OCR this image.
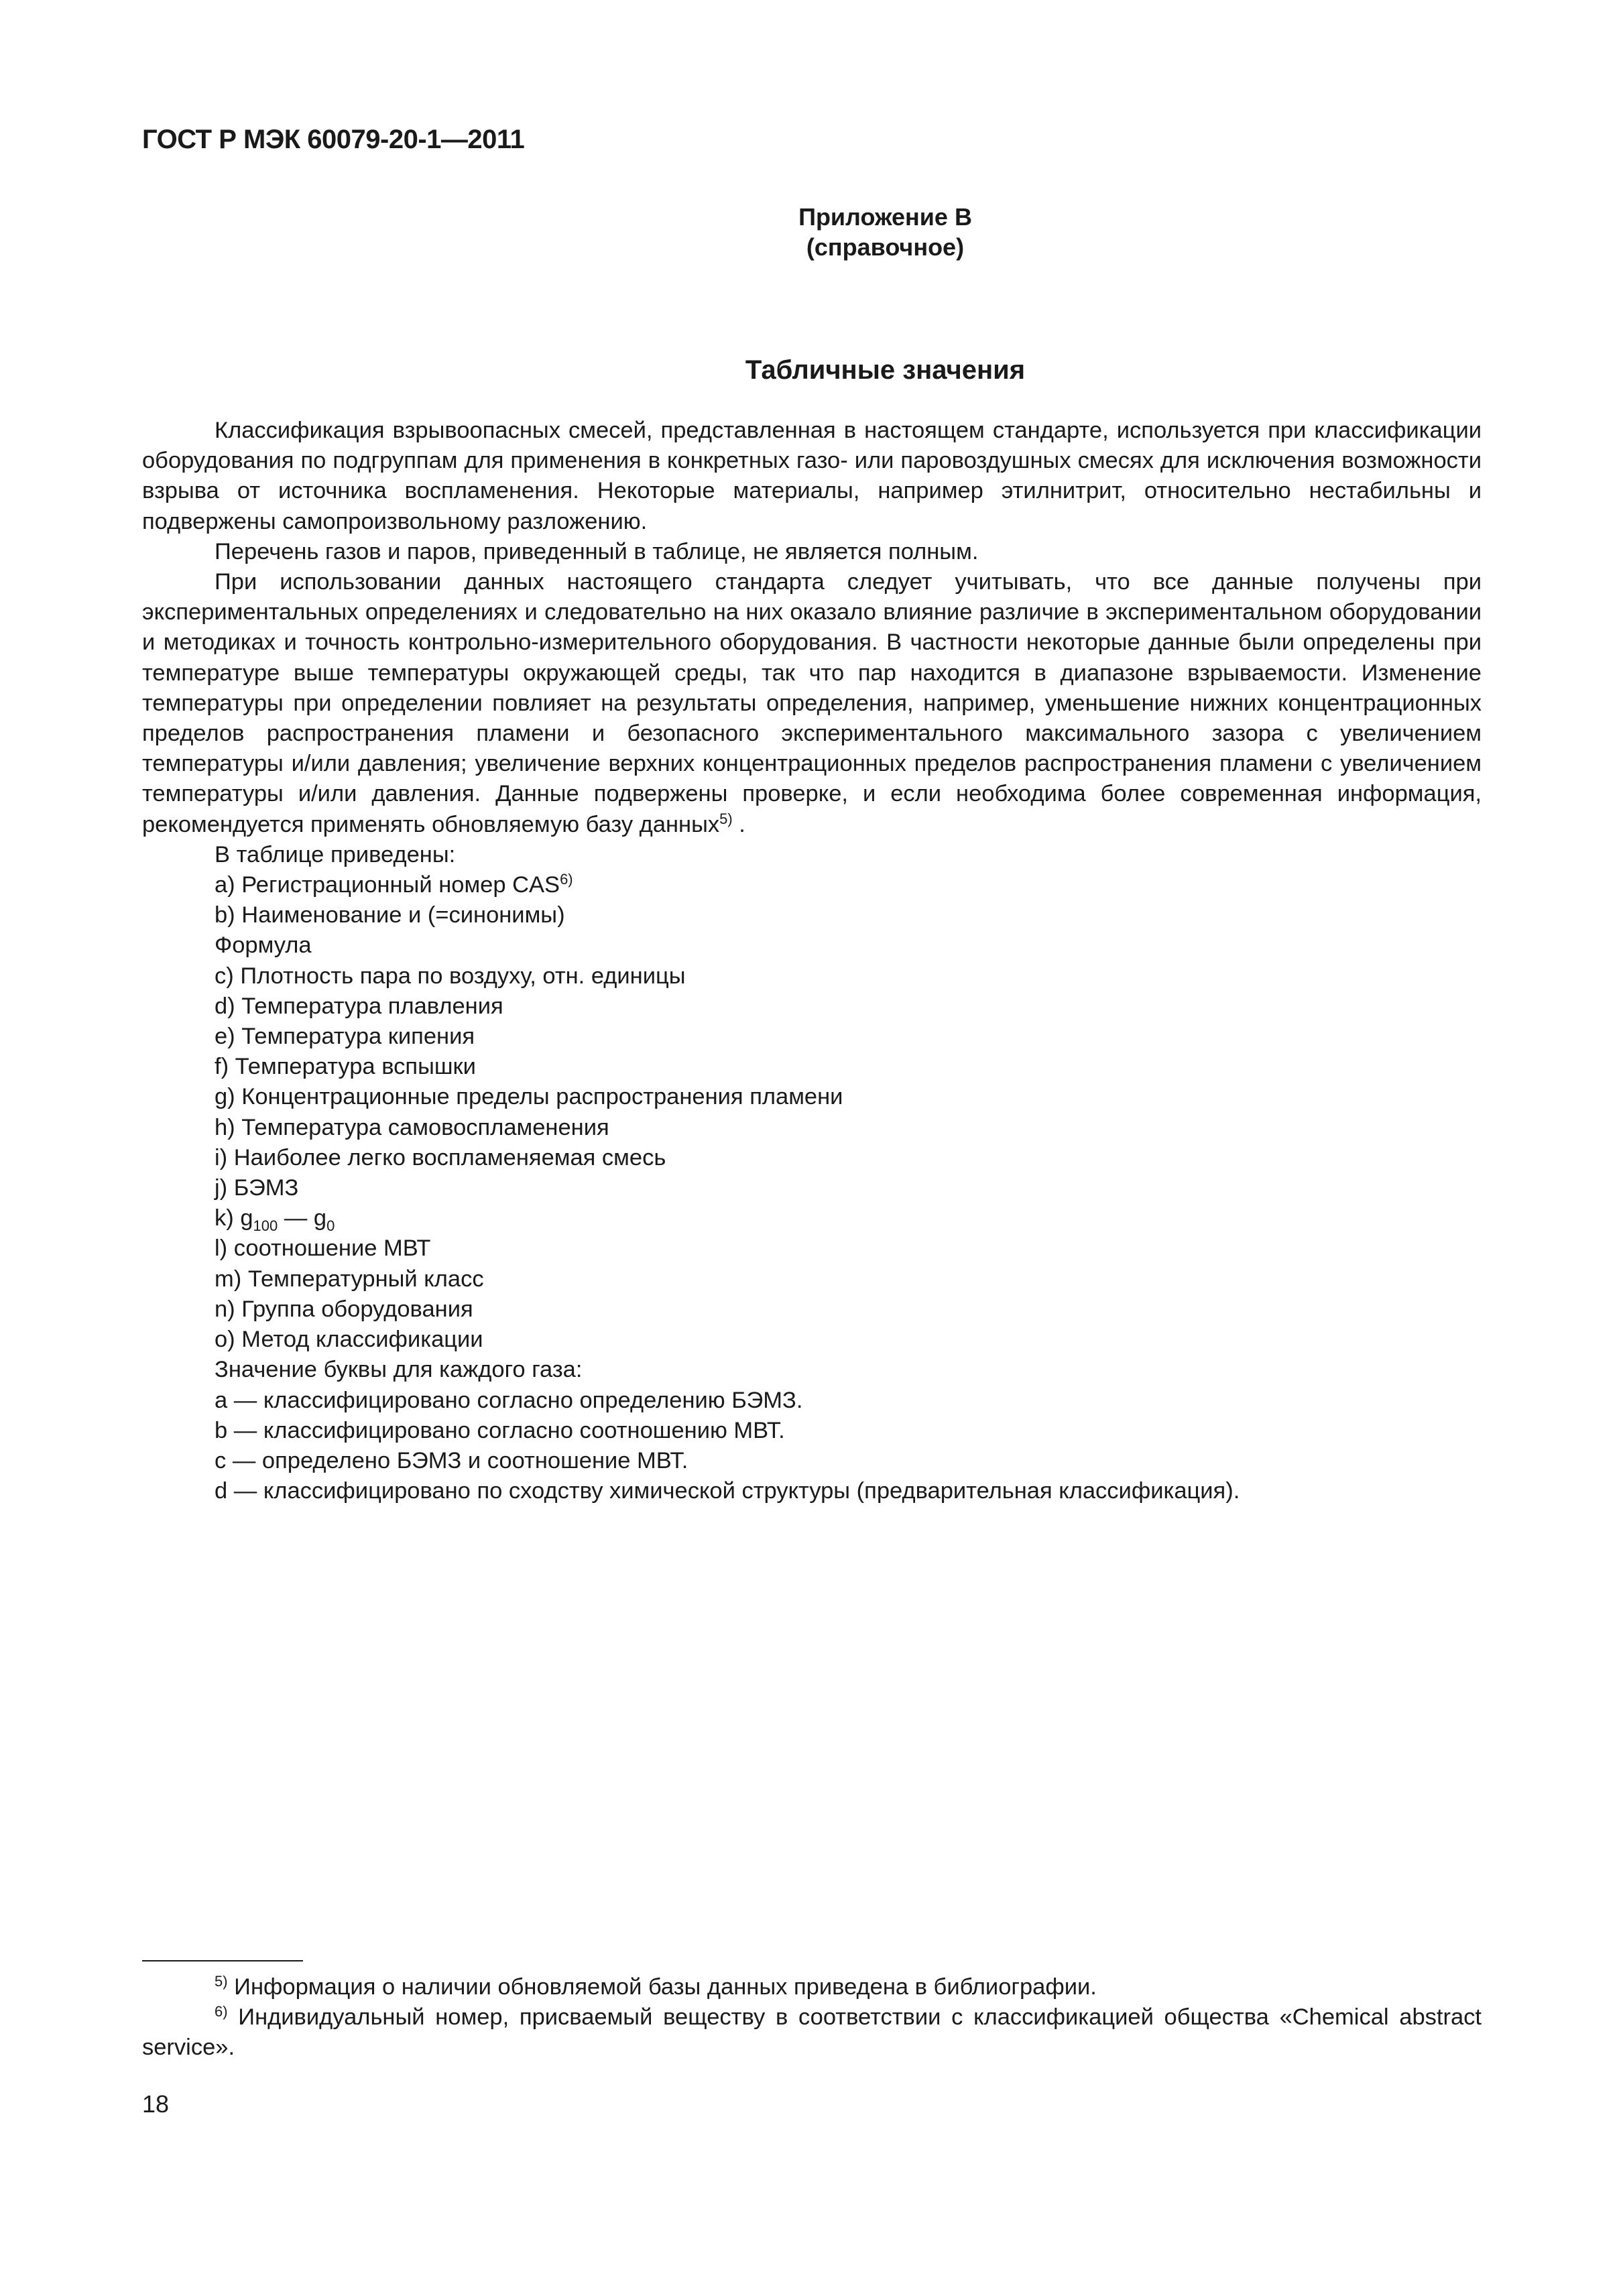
ГОСТ Р МЭК 60079-20-1—2011
Приложение В
(справочное)
Табличные значения

Классификация взрывоопасных смесей, представленная в настоящем стандарте, используется при классификации оборудования по подгруппам для применения в конкретных газо- или паровоздушных смесях для исключения возможности взрыва от источника воспламенения. Некоторые материалы, например этилнитрит, относительно нестабильны и подвержены самопроизвольному разложению.

Перечень газов и паров, приведенный в таблице, не является полным.

При использовании данных настоящего стандарта следует учитывать, что все данные получены при экспериментальных определениях и следовательно на них оказало влияние различие в экспериментальном оборудовании и методиках и точность контрольно-измерительного оборудования. В частности некоторые данные были определены при температуре выше температуры окружающей среды, так что пар находится в диапазоне взрываемости. Изменение температуры при определении повлияет на результаты определения, например, уменьшение нижних концентрационных пределов распространения пламени и безопасного экспериментального максимального зазора с увеличением температуры и/или давления; увеличение верхних концентрационных пределов распространения пламени с увеличением температуры и/или давления. Данные подвержены проверке, и если необходима более современная информация, рекомендуется применять обновляемую базу данных$^{5)}$ .

В таблице приведены:

a) Регистрационный номер CAS$^{6)}$

b) Наименование и (=синонимы)

Формула

c) Плотность пара по воздуху, отн. единицы

d) Температура плавления

e) Температура кипения

f) Температура вспышки

g) Концентрационные пределы распространения пламени

h) Температура самовоспламенения

i) Наиболее легко воспламеняемая смесь

j) БЭМЗ

k) $g_{100}$ — $g_0$

l) соотношение МВТ

m) Температурный класс

n) Группа оборудования

o) Метод классификации

Значение буквы для каждого газа:

a — классифицировано согласно определению БЭМЗ.

b — классифицировано согласно соотношению МВТ.

c — определено БЭМЗ и соотношение МВТ.

d — классифицировано по сходству химической структуры (предварительная классификация).

$^{5)}$ Информация о наличии обновляемой базы данных приведена в библиографии.

$^{6)}$ Индивидуальный номер, присваемый веществу в соответствии с классификацией общества «Chemical abstract service».

18
